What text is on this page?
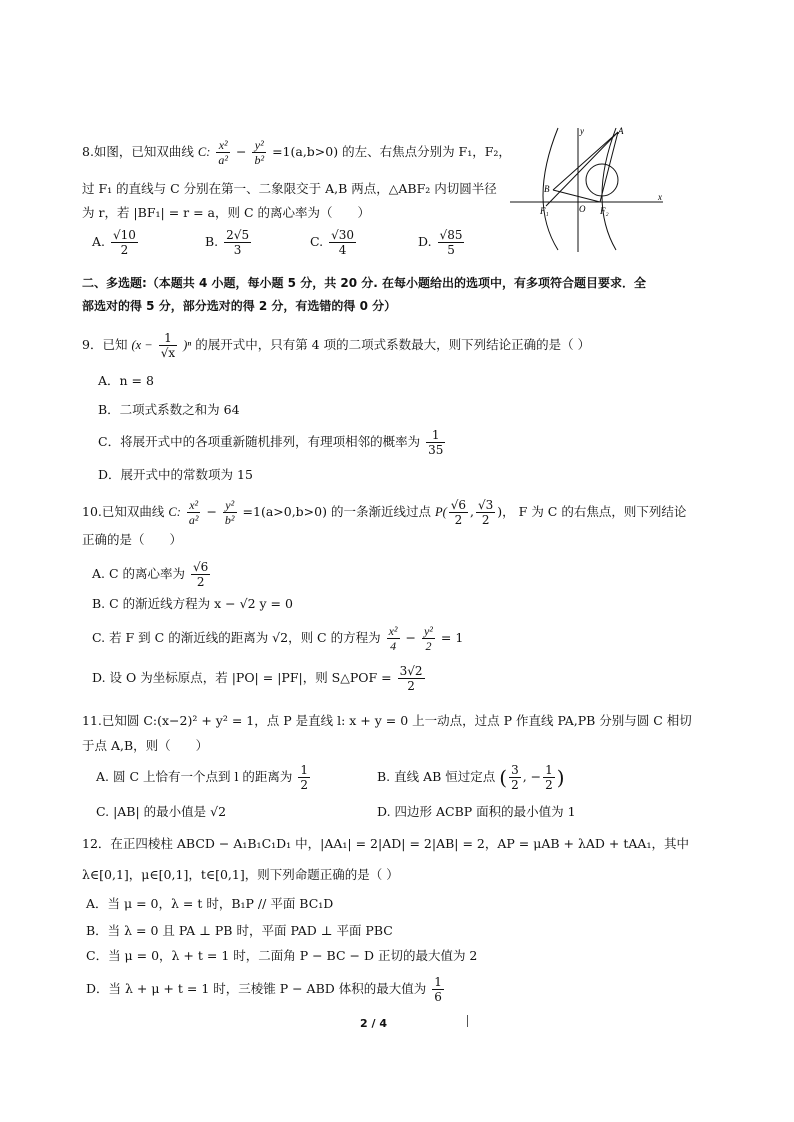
8.如图，已知双曲线 C: $\frac{\text{x²}}{\text{a²}} - \frac{\text{y²}}{\text{b²}} =1(a,b>0)$ 的左、右焦点分别为 F₁，F₂，
过 F₁ 的直线与 C 分别在第一、二象限交于 A,B 两点，△ABF₂ 内切圆半径
为 r，若 |BF₁| = r = a，则 C 的离心率为（　　）
A. $\frac{√10}{2}$	B. $\frac{2√5}{3}$	C. $\frac{√30}{4}$	D. $\frac{√85}{5}$
y
x
A
B
F₁	O F₂
二、多选题:（本题共 4 小题，每小题 5 分，共 20 分. 在每小题给出的选项中，有多项符合题目要求．全
部选对的得 5 分，部分选对的得 2 分，有选错的得 0 分）
9．已知 $(x - \frac{1}{√x} )^n$ 的展开式中，只有第 4 项的二项式系数最大，则下列结论正确的是（ ）
A．n = 8
B．二项式系数之和为 64
C．将展开式中的各项重新随机排列，有理项相邻的概率为 $\frac{1}{35}$
D．展开式中的常数项为 15
10.已知双曲线 C: $\frac{\text{x²}}{\text{a²}} - \frac{\text{y²}}{\text{b²}} =1(a>0,b>0)$ 的一条渐近线过点 $P( \frac{√6}{2}$ , $\frac{√3}{2}$ )， F 为 C 的右焦点，则下列结论
正确的是（　　）
A. C 的离心率为 $\frac{√6}{2}$
B. C 的渐近线方程为 x − √2 y = 0
C. 若 F 到 C 的渐近线的距离为 √2，则 C 的方程为 $\frac{\text{x²}}{4} - \frac{\text{y²}}{2} = 1$
D. 设 O 为坐标原点，若 |PO| = |PF|，则 S△POF = $\frac{3√2}{2}$
11.已知圆 C:(x−2)² + y² = 1，点 P 是直线 l: x + y = 0 上一动点，过点 P 作直线 PA,PB 分别与圆 C 相切
于点 A,B，则（　　）
A. 圆 C 上恰有一个点到 l 的距离为 $\frac{1}{2}$	B. 直线 AB 恒过定点 ( $\frac{3}{2}$ , − $\frac{1}{2}$ )
C. |AB| 的最小值是 √2	D. 四边形 ACBP 面积的最小值为 1
12．在正四棱柱 ABCD − A₁B₁C₁D₁ 中，|AA₁| = 2|AD| = 2|AB| = 2，AP = μAB + λAD + tAA₁，其中
λ∈[0,1]，μ∈[0,1]，t∈[0,1]，则下列命题正确的是（ ）
A．当 μ = 0，λ = t 时，B₁P // 平面 BC₁D
B．当 λ = 0 且 PA ⊥ PB 时，平面 PAD ⊥ 平面 PBC
C．当 μ = 0，λ + t = 1 时，二面角 P − BC − D 正切的最大值为 2
D．当 λ + μ + t = 1 时，三棱锥 P − ABD 体积的最大值为 $\frac{1}{6}$
2 / 4
